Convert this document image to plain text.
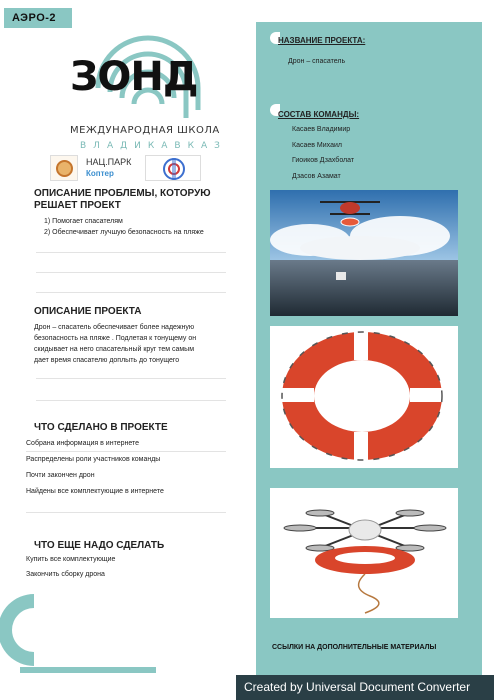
АЭРО-2
ЗОНД
МЕЖДУНАРОДНАЯ ШКОЛА
ВЛАДИКАВКАЗ
НАЦ.ПАРК
Коптер
ОПИСАНИЕ ПРОБЛЕМЫ, КОТОРУЮ
РЕШАЕТ ПРОЕКТ
1) Помогает спасателям
2) Обеспечивает лучшую безопасность на пляже
ОПИСАНИЕ ПРОЕКТА
Дрон – спасатель обеспечивает более надежную
безопасность на пляже . Подлетая к тонущему он
скидывает на него спасательный круг тем самым
дает время спасателю доплыть до тонущего
ЧТО СДЕЛАНО В ПРОЕКТЕ
Собрана информация в интернете
Распределены роли участников команды
Почти закончен дрон
Найдены все комплектующие в интернете
ЧТО ЕЩЕ НАДО СДЕЛАТЬ
Купить все комплектующие
Закончить сборку дрона
НАЗВАНИЕ ПРОЕКТА:
Дрон – спасатель
СОСТАВ КОМАНДЫ:
Касаев Владимир
Касаев Михаил
Гиоиков Дзахболат
Дзасов Азамат
ССЫЛКИ НА ДОПОЛНИТЕЛЬНЫЕ МАТЕРИАЛЫ
Created by Universal Document Converter
